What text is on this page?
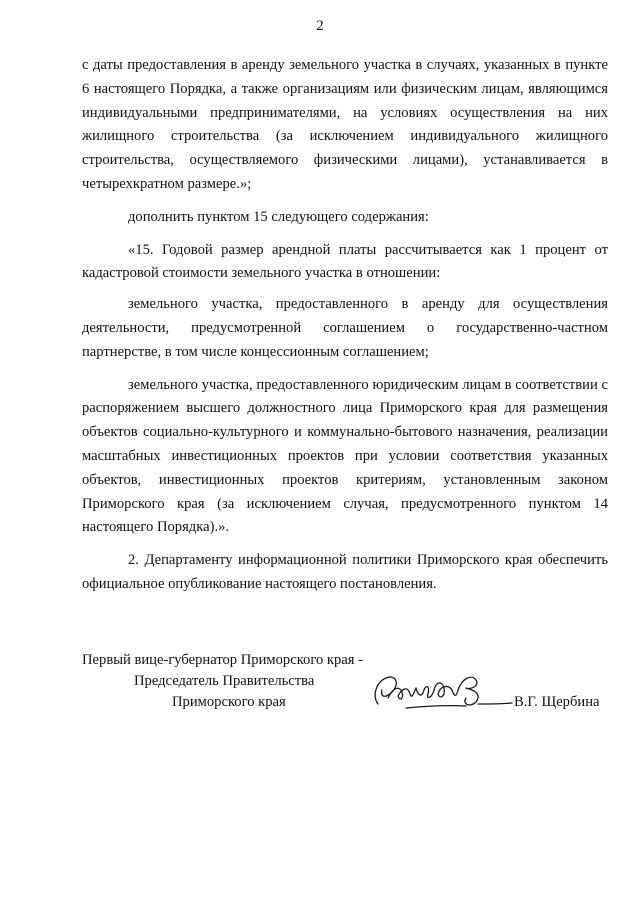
2

с даты предоставления в аренду земельного участка в случаях, указанных в пункте 6 настоящего Порядка, а также организациям или физическим лицам, являющимся индивидуальными предпринимателями, на условиях осуществления на них жилищного строительства (за исключением индивидуального жилищного строительства, осуществляемого физическими лицами), устанавливается в четырехкратном размере.»;

дополнить пунктом 15 следующего содержания:

«15. Годовой размер арендной платы рассчитывается как 1 процент от кадастровой стоимости земельного участка в отношении:

земельного участка, предоставленного в аренду для осуществления деятельности, предусмотренной соглашением о государственно-частном партнерстве, в том числе концессионным соглашением;

земельного участка, предоставленного юридическим лицам в соответствии с распоряжением высшего должностного лица Приморского края для размещения объектов социально-культурного и коммунально-бытового назначения, реализации масштабных инвестиционных проектов при условии соответствия указанных объектов, инвестиционных проектов критериям, установленным законом Приморского края (за исключением случая, предусмотренного пунктом 14 настоящего Порядка).».

2. Департаменту информационной политики Приморского края обеспечить официальное опубликование настоящего постановления.

Первый вице-губернатор Приморского края -
Председатель Правительства
Приморского края	В.Г. Щербина
